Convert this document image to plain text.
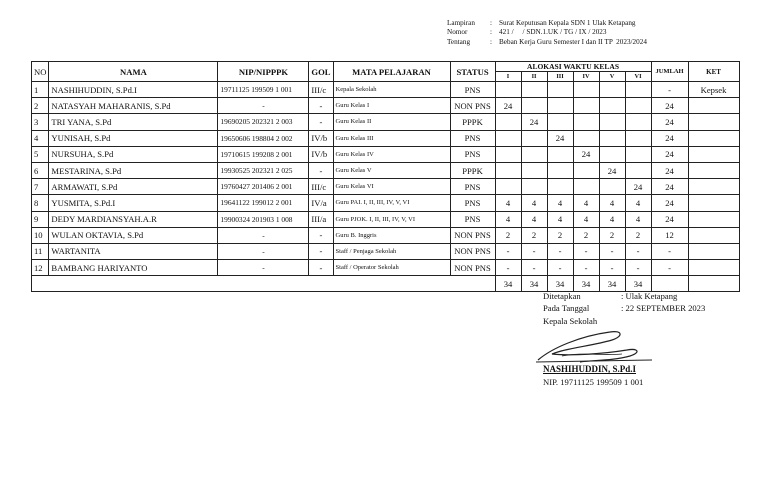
Lampiran	: Surat Keputusan Kepala SDN 1 Ulak Ketapang
Nomor	: 421 /     / SDN.1.UK / TG / IX / 2023
Tentang	: Beban Kerja Guru Semester I dan II TP  2023/2024
NO	NAMA	NIP/NIPPPK	GOL	MATA PELAJARAN	STATUS	ALOKASI WAKTU KELAS						JUMLAH	KET
						I	II	III	IV	V	VI		
1	NASHIHUDDIN, S.Pd.I	19711125 199509 1 001	III/c	Kepala Sekolah	PNS							-	Kepsek
2	NATASYAH MAHARANIS, S.Pd	-	-	Guru Kelas I	NON PNS	24						24	
3	TRI YANA, S.Pd	19690205 202321 2 003	-	Guru Kelas II	PPPK		24					24	
4	YUNISAH, S.Pd	19650606 198804 2 002	IV/b	Guru Kelas III	PNS			24				24	
5	NURSUHA, S.Pd	19710615 199208 2 001	IV/b	Guru Kelas IV	PNS				24			24	
6	MESTARINA, S.Pd	19930525 202321 2 025	-	Guru Kelas V	PPPK					24		24	
7	ARMAWATI, S.Pd	19760427 201406 2 001	III/c	Guru Kelas VI	PNS						24	24	
8	YUSMITA, S.Pd.I	19641122 199012 2 001	IV/a	Guru PAI. I, II, III, IV, V, VI	PNS	4	4	4	4	4	4	24	
9	DEDY MARDIANSYAH.A.R	19900324 201903 1 008	III/a	Guru PJOK. I, II, III, IV, V, VI	PNS	4	4	4	4	4	4	24	
10	WULAN OKTAVIA, S.Pd	-	-	Guru B. Inggris	NON PNS	2	2	2	2	2	2	12	
11	WARTANITA	-	-	Staff / Penjaga Sekolah	NON PNS	-	-	-	-	-	-	-	
12	BAMBANG HARIYANTO	-	-	Staff / Operator Sekolah	NON PNS	-	-	-	-	-	-	-	
						34	34	34	34	34	34		
Ditetapkan	: Ulak Ketapang
Pada Tanggal	: 22 SEPTEMBER 2023
Kepala Sekolah
NASHIHUDDIN, S.Pd.I
NIP. 19711125 199509 1 001
